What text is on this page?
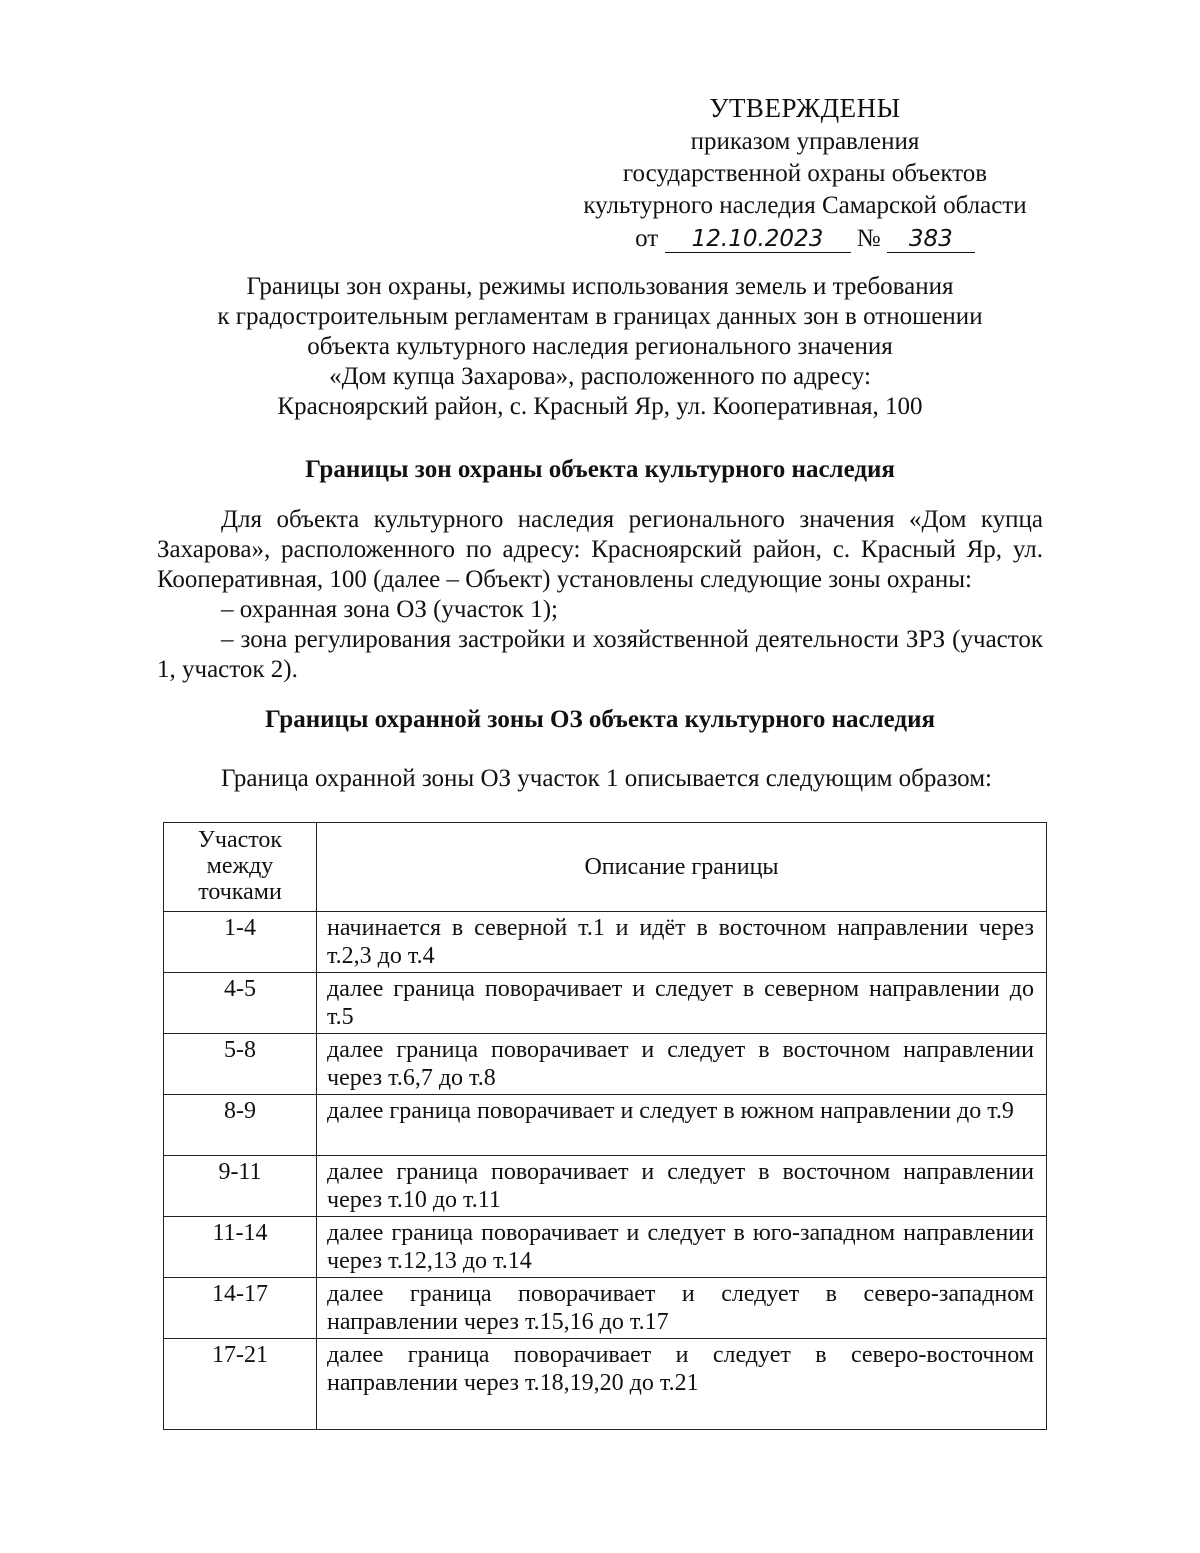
УТВЕРЖДЕНЫ
приказом управления
государственной охраны объектов
культурного наследия Самарской области
от 12.10.2023 № 383
Границы зон охраны, режимы использования земель и требования
к градостроительным регламентам в границах данных зон в отношении
объекта культурного наследия регионального значения
«Дом купца Захарова», расположенного по адресу:
Красноярский район, с. Красный Яр, ул. Кооперативная, 100
Границы зон охраны объекта культурного наследия

Для объекта культурного наследия регионального значения «Дом купца Захарова», расположенного по адресу: Красноярский район, с. Красный Яр, ул. Кооперативная, 100 (далее – Объект) установлены следующие зоны охраны:

– охранная зона ОЗ (участок 1);

– зона регулирования застройки и хозяйственной деятельности ЗРЗ (участок 1, участок 2).

Границы охранной зоны ОЗ объекта культурного наследия
Граница охранной зоны ОЗ участок 1 описывается следующим образом:
Участок между точками	Описание границы
1-4	начинается в северной т.1 и идёт в восточном направлении через т.2,3 до т.4
4-5	далее граница поворачивает и следует в северном направлении до т.5
5-8	далее граница поворачивает и следует в восточном направлении через т.6,7 до т.8
8-9	далее граница поворачивает и следует в южном направлении до т.9
9-11	далее граница поворачивает и следует в восточном направлении через т.10 до т.11
11-14	далее граница поворачивает и следует в юго-западном направлении через т.12,13 до т.14
14-17	далее граница поворачивает и следует в северо-западном направлении через т.15,16 до т.17
17-21	далее граница поворачивает и следует в северо-восточном направлении через т.18,19,20 до т.21
